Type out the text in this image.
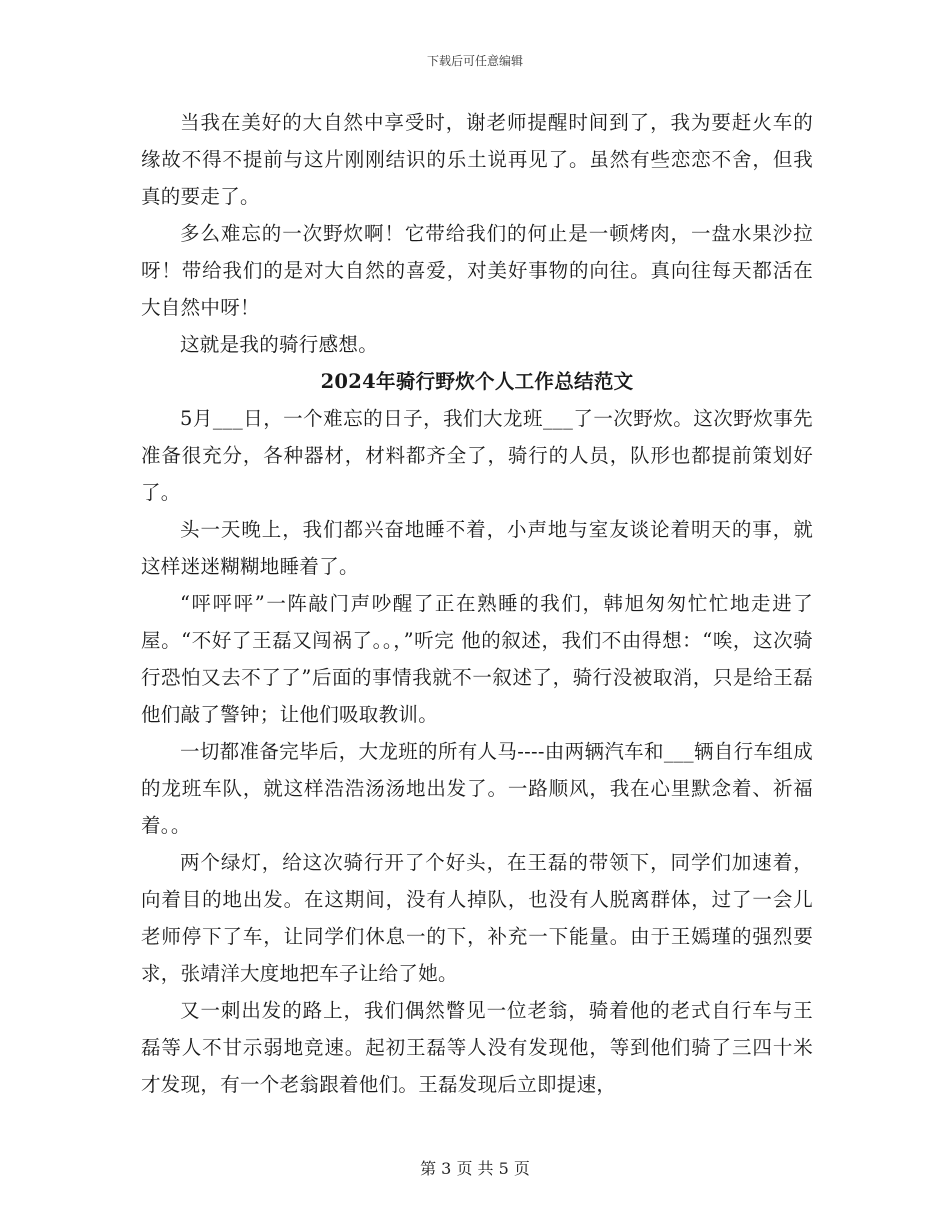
下载后可任意编辑

当我在美好的大自然中享受时，谢老师提醒时间到了，我为要赶火车的缘故不得不提前与这片刚刚结识的乐土说再见了。虽然有些恋恋不舍，但我真的要走了。

多么难忘的一次野炊啊！它带给我们的何止是一顿烤肉，一盘水果沙拉呀！带给我们的是对大自然的喜爱，对美好事物的向往。真向往每天都活在大自然中呀！

这就是我的骑行感想。

2024年骑行野炊个人工作总结范文

5月___日，一个难忘的日子，我们大龙班___了一次野炊。这次野炊事先准备很充分，各种器材，材料都齐全了，骑行的人员，队形也都提前策划好了。

头一天晚上，我们都兴奋地睡不着，小声地与室友谈论着明天的事，就这样迷迷糊糊地睡着了。

“呯呯呯”一阵敲门声吵醒了正在熟睡的我们，韩旭匆匆忙忙地走进了屋。“不好了王磊又闯祸了。。，”听完 他的叙述，我们不由得想：“唉，这次骑行恐怕又去不了了”后面的事情我就不一叙述了，骑行没被取消，只是给王磊他们敲了警钟；让他们吸取教训。

一切都准备完毕后，大龙班的所有人马----由两辆汽车和___辆自行车组成的龙班车队，就这样浩浩汤汤地出发了。一路顺风，我在心里默念着、祈福着。。

两个绿灯，给这次骑行开了个好头，在王磊的带领下，同学们加速着，向着目的地出发。在这期间，没有人掉队，也没有人脱离群体，过了一会儿老师停下了车，让同学们休息一的下，补充一下能量。由于王嫣瑾的强烈要求，张靖洋大度地把车子让给了她。

又一刺出发的路上，我们偶然瞥见一位老翁，骑着他的老式自行车与王磊等人不甘示弱地竞速。起初王磊等人没有发现他，等到他们骑了三四十米才发现，有一个老翁跟着他们。王磊发现后立即提速，

第 3 页 共 5 页
